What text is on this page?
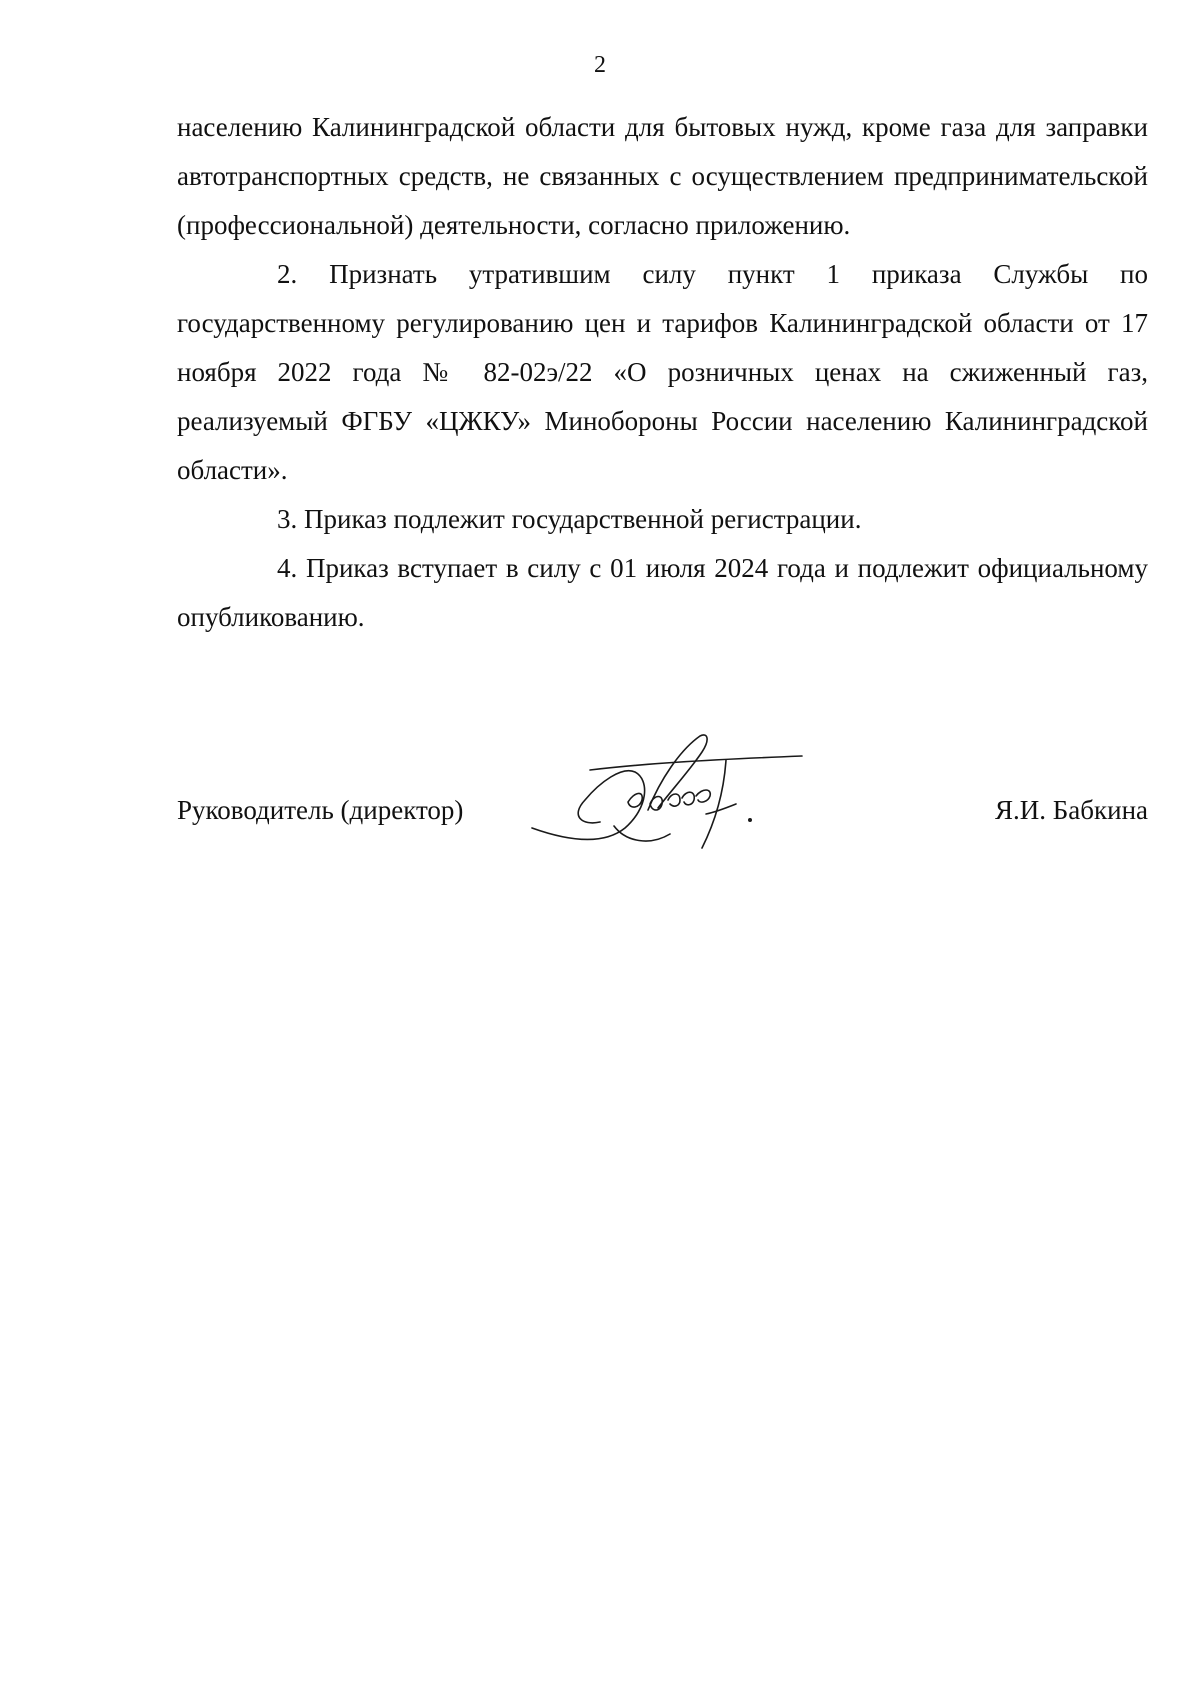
2

населению Калининградской области для бытовых нужд, кроме газа для заправки автотранспортных средств, не связанных с осуществлением предпринимательской (профессиональной) деятельности, согласно приложению.

2. Признать утратившим силу пункт 1 приказа Службы по государственному регулированию цен и тарифов Калининградской области от 17 ноября 2022 года № 82-02э/22 «О розничных ценах на сжиженный газ, реализуемый ФГБУ «ЦЖКУ» Минобороны России населению Калининградской области».

3. Приказ подлежит государственной регистрации.

4. Приказ вступает в силу с 01 июля 2024 года и подлежит официальному опубликованию.

Руководитель (директор)	Я.И. Бабкина
